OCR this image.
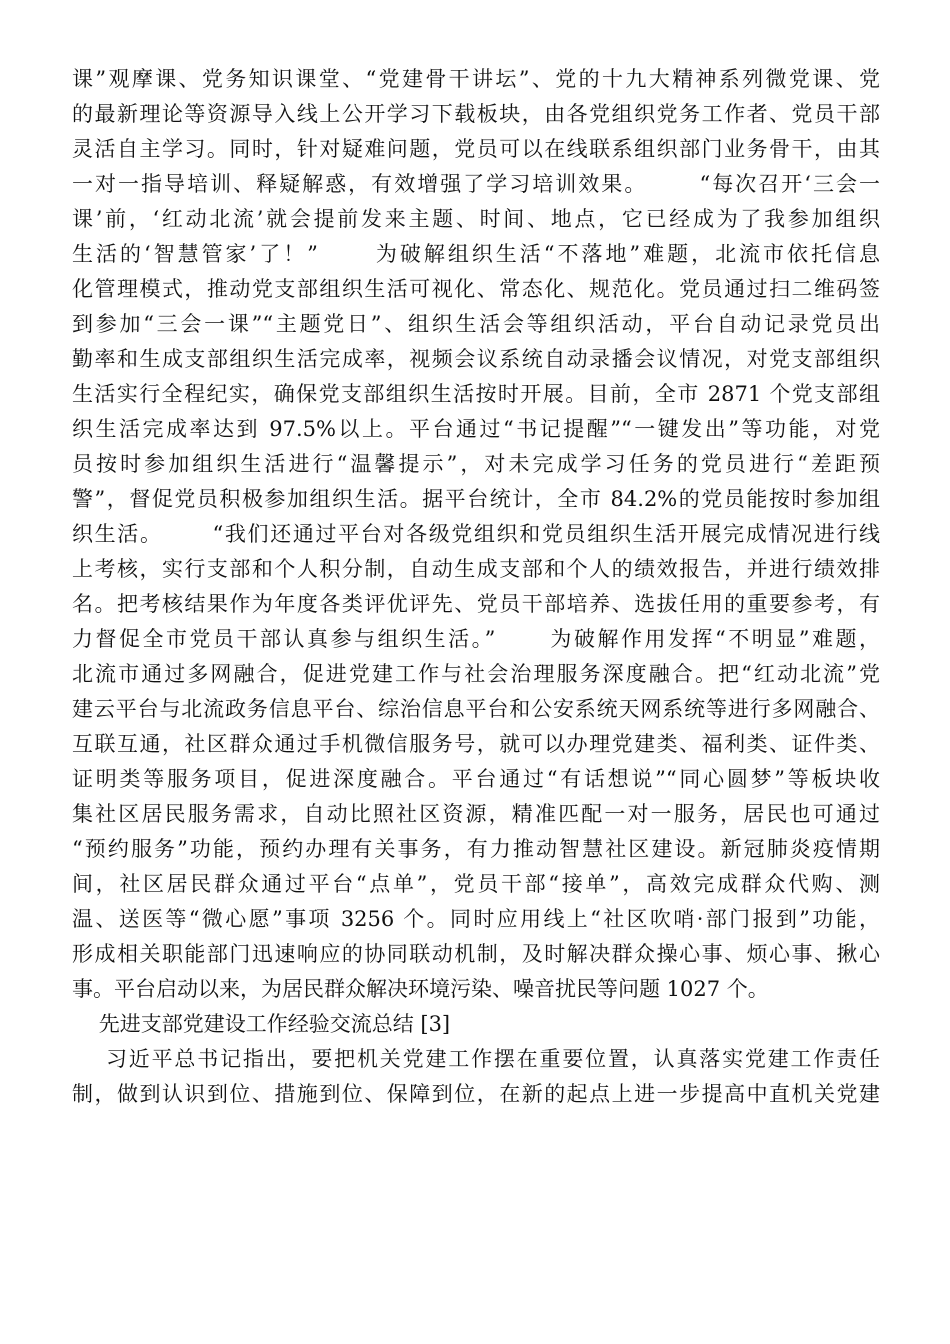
课”观摩课、党务知识课堂、“党建骨干讲坛”、党的十九大精神系列微党课、党
的最新理论等资源导入线上公开学习下载板块，由各党组织党务工作者、党员干部
灵活自主学习。同时，针对疑难问题，党员可以在线联系组织部门业务骨干，由其
一对一指导培训、释疑解惑，有效增强了学习培训效果。      “每次召开‘三会一
课’前，‘红动北流’就会提前发来主题、时间、地点，它已经成为了我参加组织
生活的‘智慧管家’了！”      为破解组织生活“不落地”难题，北流市依托信息
化管理模式，推动党支部组织生活可视化、常态化、规范化。党员通过扫二维码签
到参加“三会一课”“主题党日”、组织生活会等组织活动，平台自动记录党员出
勤率和生成支部组织生活完成率，视频会议系统自动录播会议情况，对党支部组织
生活实行全程纪实，确保党支部组织生活按时开展。目前，全市 2871 个党支部组
织生活完成率达到 97.5%以上。平台通过“书记提醒”“一键发出”等功能，对党
员按时参加组织生活进行“温馨提示”，对未完成学习任务的党员进行“差距预
警”，督促党员积极参加组织生活。据平台统计，全市 84.2%的党员能按时参加组
织生活。      “我们还通过平台对各级党组织和党员组织生活开展完成情况进行线
上考核，实行支部和个人积分制，自动生成支部和个人的绩效报告，并进行绩效排
名。把考核结果作为年度各类评优评先、党员干部培养、选拔任用的重要参考，有
力督促全市党员干部认真参与组织生活。”      为破解作用发挥“不明显”难题，
北流市通过多网融合，促进党建工作与社会治理服务深度融合。把“红动北流”党
建云平台与北流政务信息平台、综治信息平台和公安系统天网系统等进行多网融合、
互联互通，社区群众通过手机微信服务号，就可以办理党建类、福利类、证件类、
证明类等服务项目，促进深度融合。平台通过“有话想说”“同心圆梦”等板块收
集社区居民服务需求，自动比照社区资源，精准匹配一对一服务，居民也可通过
“预约服务”功能，预约办理有关事务，有力推动智慧社区建设。新冠肺炎疫情期
间，社区居民群众通过平台“点单”，党员干部“接单”，高效完成群众代购、测
温、送医等“微心愿”事项 3256 个。同时应用线上“社区吹哨·部门报到”功能，
形成相关职能部门迅速响应的协同联动机制，及时解决群众操心事、烦心事、揪心
事。平台启动以来，为居民群众解决环境污染、噪音扰民等问题 1027 个。
先进支部党建设工作经验交流总结 [3]
习近平总书记指出，要把机关党建工作摆在重要位置，认真落实党建工作责任
制，做到认识到位、措施到位、保障到位，在新的起点上进一步提高中直机关党建
